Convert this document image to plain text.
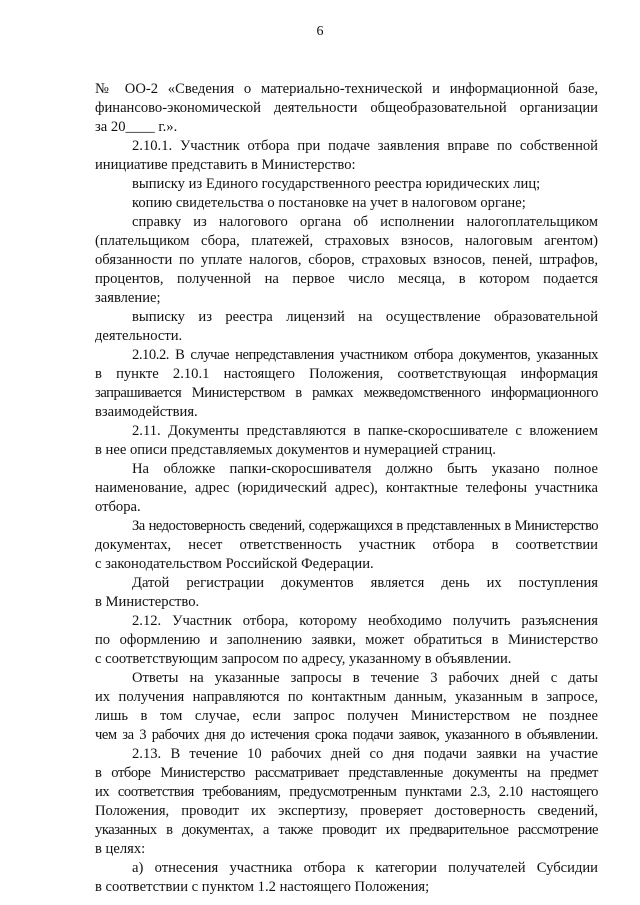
6
№ ОО-2 «Сведения о материально-технической и информационной базе,
финансово-экономической деятельности общеобразовательной организации
за 20____ г.».
2.10.1. Участник отбора при подаче заявления вправе по собственной
инициативе представить в Министерство:
выписку из Единого государственного реестра юридических лиц;
копию свидетельства о постановке на учет в налоговом органе;
справку из налогового органа об исполнении налогоплательщиком
(плательщиком сбора, платежей, страховых взносов, налоговым агентом)
обязанности по уплате налогов, сборов, страховых взносов, пеней, штрафов,
процентов, полученной на первое число месяца, в котором подается
заявление;
выписку из реестра лицензий на осуществление образовательной
деятельности.
2.10.2. В случае непредставления участником отбора документов, указанных
в пункте 2.10.1 настоящего Положения, соответствующая информация
запрашивается Министерством в рамках межведомственного информационного
взаимодействия.
2.11. Документы представляются в папке-скоросшивателе с вложением
в нее описи представляемых документов и нумерацией страниц.
На обложке папки-скоросшивателя должно быть указано полное
наименование, адрес (юридический адрес), контактные телефоны участника
отбора.
За недостоверность сведений, содержащихся в представленных в Министерство
документах, несет ответственность участник отбора в соответствии
с законодательством Российской Федерации.
Датой регистрации документов является день их поступления
в Министерство.
2.12. Участник отбора, которому необходимо получить разъяснения
по оформлению и заполнению заявки, может обратиться в Министерство
с соответствующим запросом по адресу, указанному в объявлении.
Ответы на указанные запросы в течение 3 рабочих дней с даты
их получения направляются по контактным данным, указанным в запросе,
лишь в том случае, если запрос получен Министерством не позднее
чем за 3 рабочих дня до истечения срока подачи заявок, указанного в объявлении.
2.13. В течение 10 рабочих дней со дня подачи заявки на участие
в отборе Министерство рассматривает представленные документы на предмет
их соответствия требованиям, предусмотренным пунктами 2.3, 2.10 настоящего
Положения, проводит их экспертизу, проверяет достоверность сведений,
указанных в документах, а также проводит их предварительное рассмотрение
в целях:
а) отнесения участника отбора к категории получателей Субсидии
в соответствии с пунктом 1.2 настоящего Положения;
